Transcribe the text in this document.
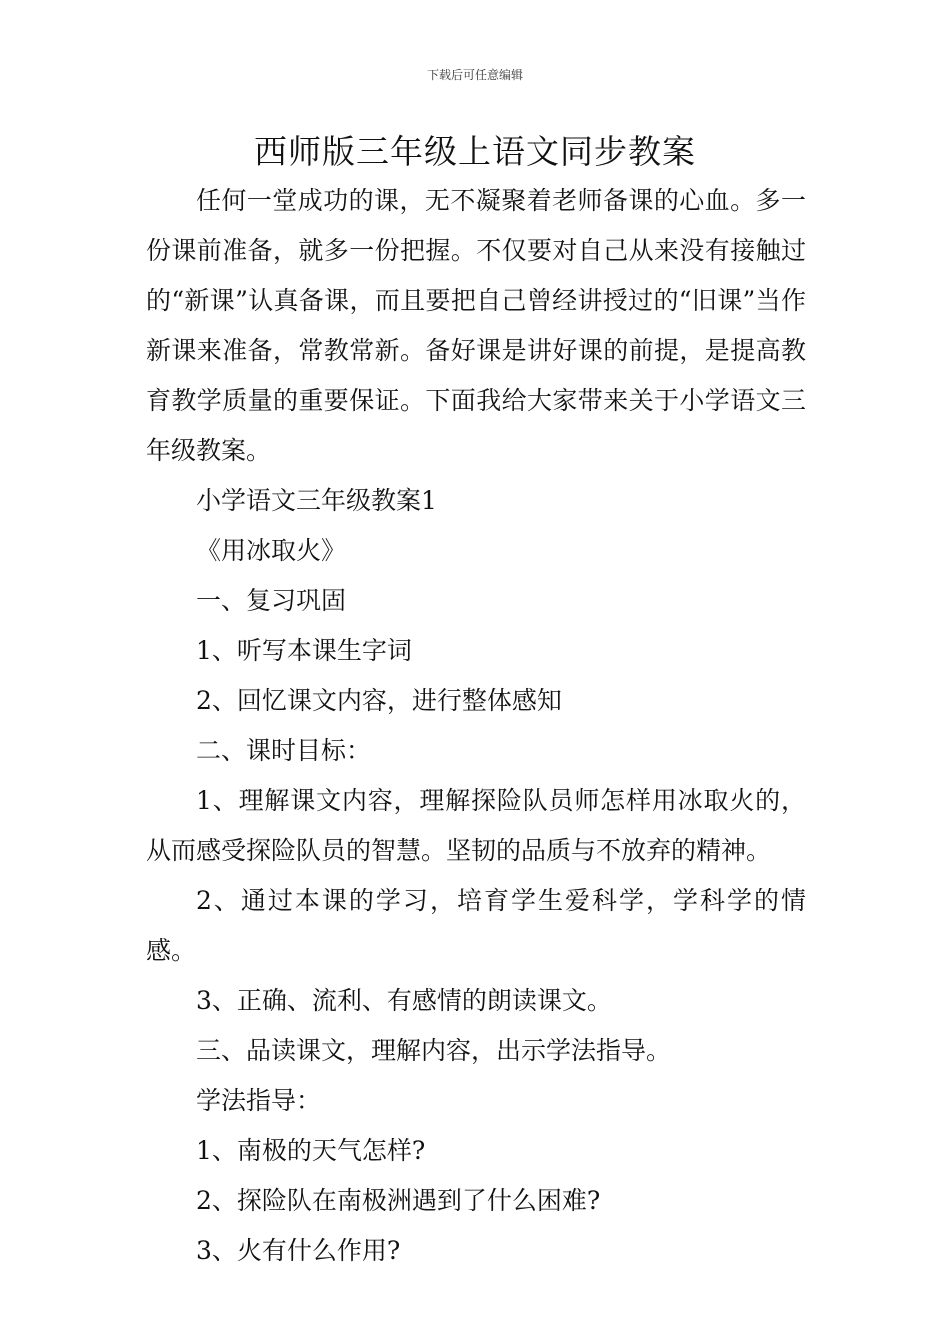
下载后可任意编辑
西师版三年级上语文同步教案

任何一堂成功的课，无不凝聚着老师备课的心血。多一份课前准备，就多一份把握。不仅要对自己从来没有接触过的“新课”认真备课，而且要把自己曾经讲授过的“旧课”当作新课来准备，常教常新。备好课是讲好课的前提，是提高教育教学质量的重要保证。下面我给大家带来关于小学语文三年级教案。

小学语文三年级教案1

《用冰取火》

一、复习巩固

1、听写本课生字词

2、回忆课文内容，进行整体感知

二、课时目标：

1、理解课文内容，理解探险队员师怎样用冰取火的，从而感受探险队员的智慧。坚韧的品质与不放弃的精神。

2、通过本课的学习，培育学生爱科学，学科学的情感。

3、正确、流利、有感情的朗读课文。

三、品读课文，理解内容，出示学法指导。

学法指导：

1、南极的天气怎样?

2、探险队在南极洲遇到了什么困难?

3、火有什么作用?
